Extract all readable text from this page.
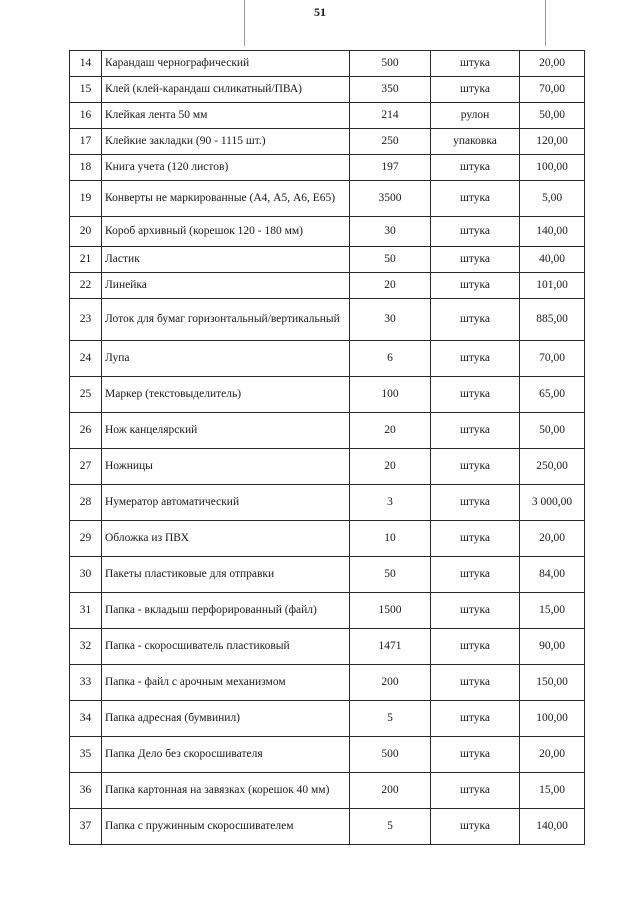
51
14	Карандаш чернографический	500	штука	20,00
15	Клей (клей-карандаш силикатный/ПВА)	350	штука	70,00
16	Клейкая лента 50 мм	214	рулон	50,00
17	Клейкие закладки (90 - 1115 шт.)	250	упаковка	120,00
18	Книга учета (120 листов)	197	штука	100,00
19	Конверты не маркированные (А4, А5, А6, Е65)	3500	штука	5,00
20	Короб архивный (корешок 120 - 180 мм)	30	штука	140,00
21	Ластик	50	штука	40,00
22	Линейка	20	штука	101,00
23	Лоток для бумаг горизонтальный/вертикальный	30	штука	885,00
24	Лупа	6	штука	70,00
25	Маркер (текстовыделитель)	100	штука	65,00
26	Нож канцелярский	20	штука	50,00
27	Ножницы	20	штука	250,00
28	Нумератор автоматический	3	штука	3 000,00
29	Обложка из ПВХ	10	штука	20,00
30	Пакеты пластиковые для отправки	50	штука	84,00
31	Папка - вкладыш перфорированный (файл)	1500	штука	15,00
32	Папка - скоросшиватель пластиковый	1471	штука	90,00
33	Папка - файл с арочным механизмом	200	штука	150,00
34	Папка адресная (бумвинил)	5	штука	100,00
35	Папка Дело без скоросшивателя	500	штука	20,00
36	Папка картонная на завязках (корешок 40 мм)	200	штука	15,00
37	Папка с пружинным скоросшивателем	5	штука	140,00
